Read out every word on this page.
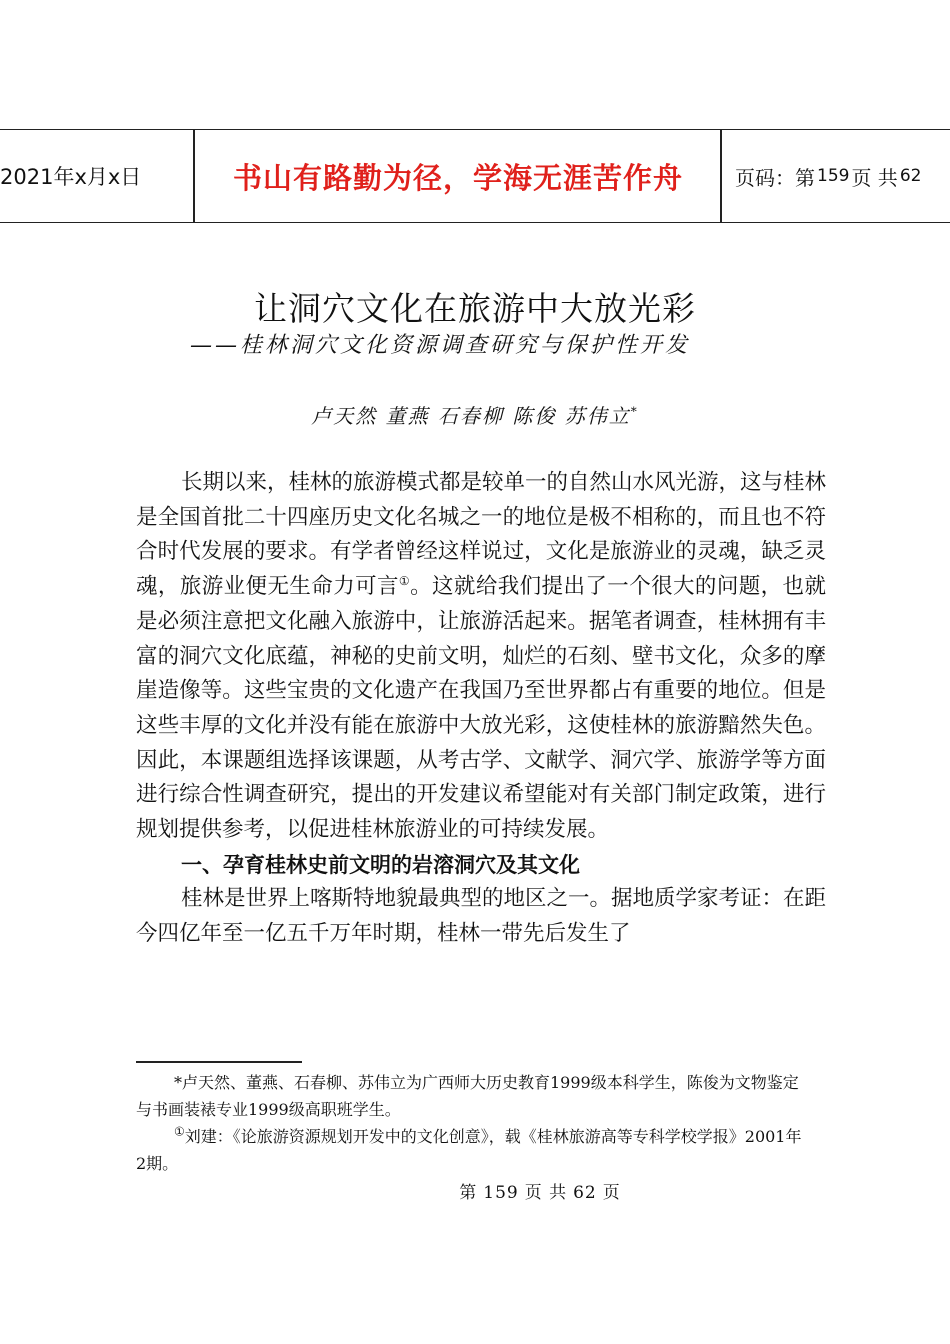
2021年x月x日	书山有路勤为径，学海无涯苦作舟	页码：第 159 页 共 62
让洞穴文化在旅游中大放光彩
——桂林洞穴文化资源调查研究与保护性开发
卢天然 董燕 石春柳 陈俊 苏伟立*

长期以来，桂林的旅游模式都是较单一的自然山水风光游，这与桂林是全国首批二十四座历史文化名城之一的地位是极不相称的，而且也不符合时代发展的要求。有学者曾经这样说过，文化是旅游业的灵魂，缺乏灵魂，旅游业便无生命力可言①。这就给我们提出了一个很大的问题，也就是必须注意把文化融入旅游中，让旅游活起来。据笔者调查，桂林拥有丰富的洞穴文化底蕴，神秘的史前文明，灿烂的石刻、壁书文化，众多的摩崖造像等。这些宝贵的文化遗产在我国乃至世界都占有重要的地位。但是这些丰厚的文化并没有能在旅游中大放光彩，这使桂林的旅游黯然失色。因此，本课题组选择该课题，从考古学、文献学、洞穴学、旅游学等方面进行综合性调查研究，提出的开发建议希望能对有关部门制定政策，进行规划提供参考，以促进桂林旅游业的可持续发展。

一、孕育桂林史前文明的岩溶洞穴及其文化

桂林是世界上喀斯特地貌最典型的地区之一。据地质学家考证：在距今四亿年至一亿五千万年时期，桂林一带先后发生了

*卢天然、董燕、石春柳、苏伟立为广西师大历史教育1999级本科学生，陈俊为文物鉴定与书画装裱专业1999级高职班学生。

①刘建：《论旅游资源规划开发中的文化创意》，载《桂林旅游高等专科学校学报》2001年2期。

第 159 页 共 62 页
